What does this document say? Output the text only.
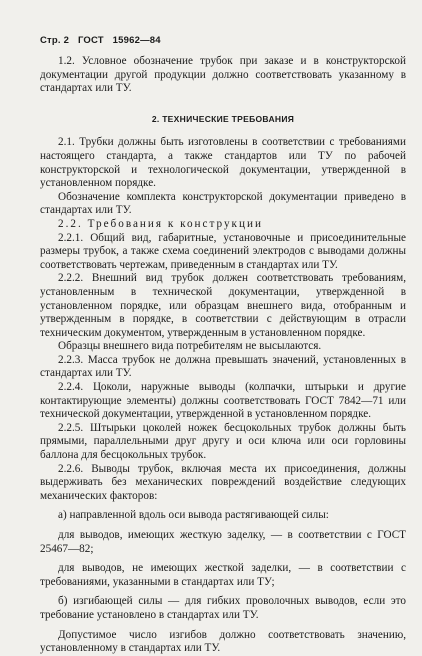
Стр. 2 ГОСТ 15962—84

1.2. Условное обозначение трубок при заказе и в конструкторской документации другой продукции должно соответствовать указанному в стандартах или ТУ.

2. ТЕХНИЧЕСКИЕ ТРЕБОВАНИЯ

2.1. Трубки должны быть изготовлены в соответствии с требованиями настоящего стандарта, а также стандартов или ТУ по рабочей конструкторской и технологической документации, утвержденной в установленном порядке.

Обозначение комплекта конструкторской документации приведено в стандартах или ТУ.

2.2. Требования к конструкции

2.2.1. Общий вид, габаритные, установочные и присоединительные размеры трубок, а также схема соединений электродов с выводами должны соответствовать чертежам, приведенным в стандартах или ТУ.

2.2.2. Внешний вид трубок должен соответствовать требованиям, установленным в технической документации, утвержденной в установленном порядке, или образцам внешнего вида, отобранным и утвержденным в порядке, в соответствии с действующим в отрасли техническим документом, утвержденным в установленном порядке.

Образцы внешнего вида потребителям не высылаются.

2.2.3. Масса трубок не должна превышать значений, установленных в стандартах или ТУ.

2.2.4. Цоколи, наружные выводы (колпачки, штырьки и другие контактирующие элементы) должны соответствовать ГОСТ 7842—71 или технической документации, утвержденной в установленном порядке.

2.2.5. Штырьки цоколей ножек бесцокольных трубок должны быть прямыми, параллельными друг другу и оси ключа или оси горловины баллона для бесцокольных трубок.

2.2.6. Выводы трубок, включая места их присоединения, должны выдерживать без механических повреждений воздействие следующих механических факторов:

а) направленной вдоль оси вывода растягивающей силы:

для выводов, имеющих жесткую заделку, — в соответствии с ГОСТ 25467—82;

для выводов, не имеющих жесткой заделки, — в соответствии с требованиями, указанными в стандартах или ТУ;

б) изгибающей силы — для гибких проволочных выводов, если это требование установлено в стандартах или ТУ.

Допустимое число изгибов должно соответствовать значению, установленному в стандартах или ТУ.
